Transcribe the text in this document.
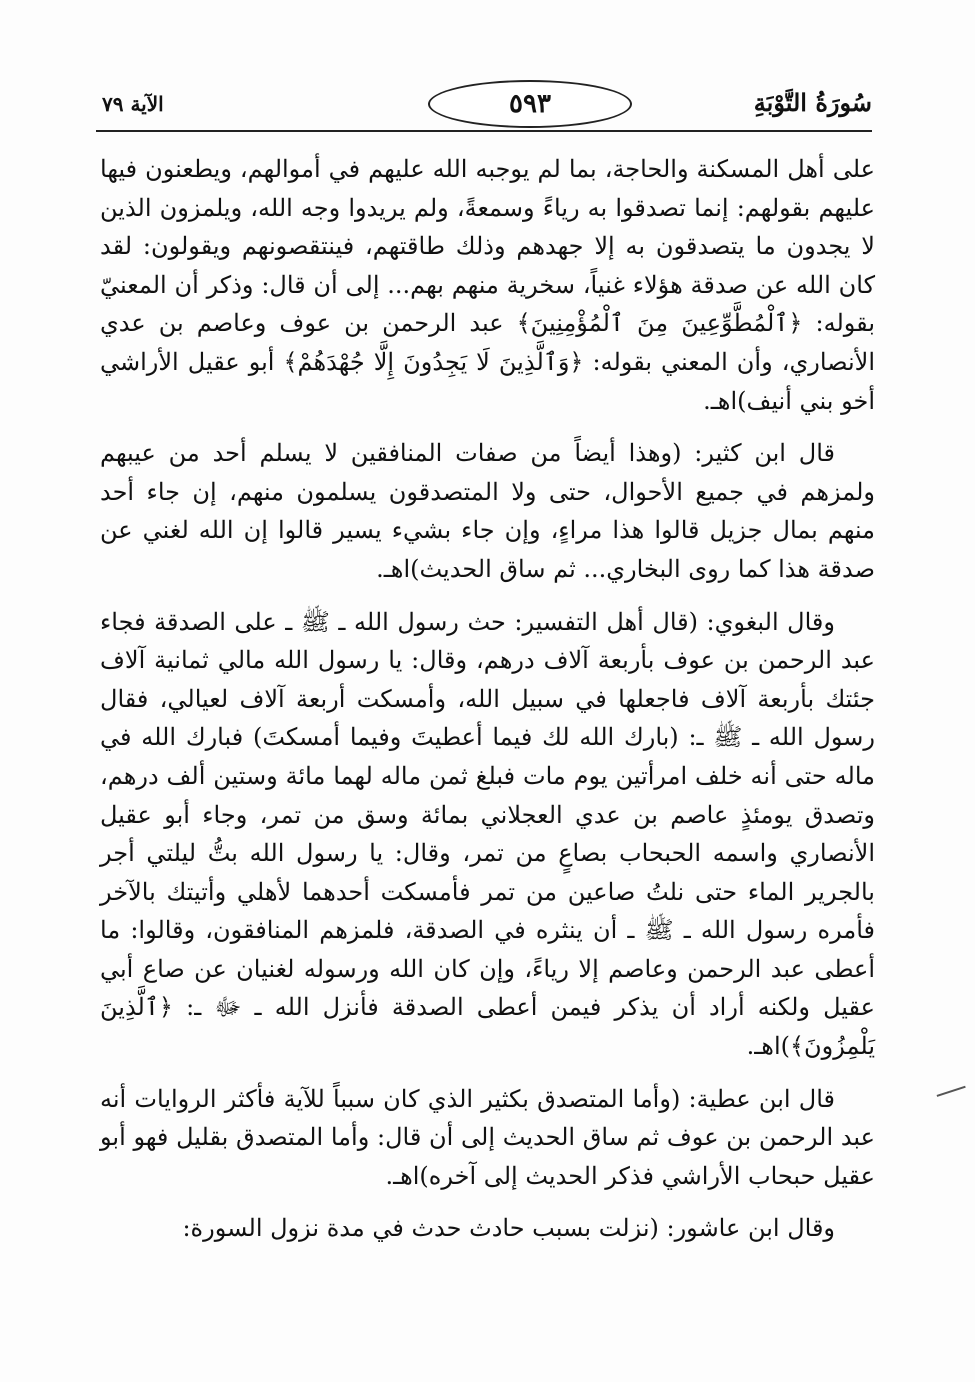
سُورَةُ التَّوْبَةِ
٥٩٣
الآية ٧٩

على أهل المسكنة والحاجة، بما لم يوجبه الله عليهم في أموالهم، ويطعنون فيها عليهم بقولهم: إنما تصدقوا به رياءً وسمعةً، ولم يريدوا وجه الله، ويلمزون الذين لا يجدون ما يتصدقون به إلا جهدهم وذلك طاقتهم، فينتقصونهم ويقولون: لقد كان الله عن صدقة هؤلاء غنياً، سخرية منهم بهم... إلى أن قال: وذكر أن المعنيّ بقوله: ﴿ٱلْمُطَّوِّعِينَ مِنَ ٱلْمُؤْمِنِينَ﴾ عبد الرحمن بن عوف وعاصم بن عدي الأنصاري، وأن المعني بقوله: ﴿وَٱلَّذِينَ لَا يَجِدُونَ إِلَّا جُهْدَهُمْ﴾ أبو عقيل الأراشي أخو بني أنيف)اهـ.

قال ابن كثير: (وهذا أيضاً من صفات المنافقين لا يسلم أحد من عيبهم ولمزهم في جميع الأحوال، حتى ولا المتصدقون يسلمون منهم، إن جاء أحد منهم بمال جزيل قالوا هذا مراءٍ، وإن جاء بشيء يسير قالوا إن الله لغني عن صدقة هذا كما روى البخاري... ثم ساق الحديث)اهـ.

وقال البغوي: (قال أهل التفسير: حث رسول الله ـ ﷺ ـ على الصدقة فجاء عبد الرحمن بن عوف بأربعة آلاف درهم، وقال: يا رسول الله مالي ثمانية آلاف جئتك بأربعة آلاف فاجعلها في سبيل الله، وأمسكت أربعة آلاف لعيالي، فقال رسول الله ـ ﷺ ـ: (بارك الله لك فيما أعطيتَ وفيما أمسكتَ) فبارك الله في ماله حتى أنه خلف امرأتين يوم مات فبلغ ثمن ماله لهما مائة وستين ألف درهم، وتصدق يومئذٍ عاصم بن عدي العجلاني بمائة وسق من تمر، وجاء أبو عقيل الأنصاري واسمه الحبحاب بصاعٍ من تمر، وقال: يا رسول الله بتُّ ليلتي أجر بالجرير الماء حتى نلتُ صاعين من تمر فأمسكت أحدهما لأهلي وأتيتك بالآخر فأمره رسول الله ـ ﷺ ـ أن ينثره في الصدقة، فلمزهم المنافقون، وقالوا: ما أعطى عبد الرحمن وعاصم إلا رياءً، وإن كان الله ورسوله لغنيان عن صاع أبي عقيل ولكنه أراد أن يذكر فيمن أعطى الصدقة فأنزل الله ـ ﷻ ـ: ﴿ٱلَّذِينَ يَلْمِزُونَ﴾)اهـ.

قال ابن عطية: (وأما المتصدق بكثير الذي كان سبباً للآية فأكثر الروايات أنه عبد الرحمن بن عوف ثم ساق الحديث إلى أن قال: وأما المتصدق بقليل فهو أبو عقيل حبحاب الأراشي فذكر الحديث إلى آخره)اهـ.

وقال ابن عاشور: (نزلت بسبب حادث حدث في مدة نزول السورة:
